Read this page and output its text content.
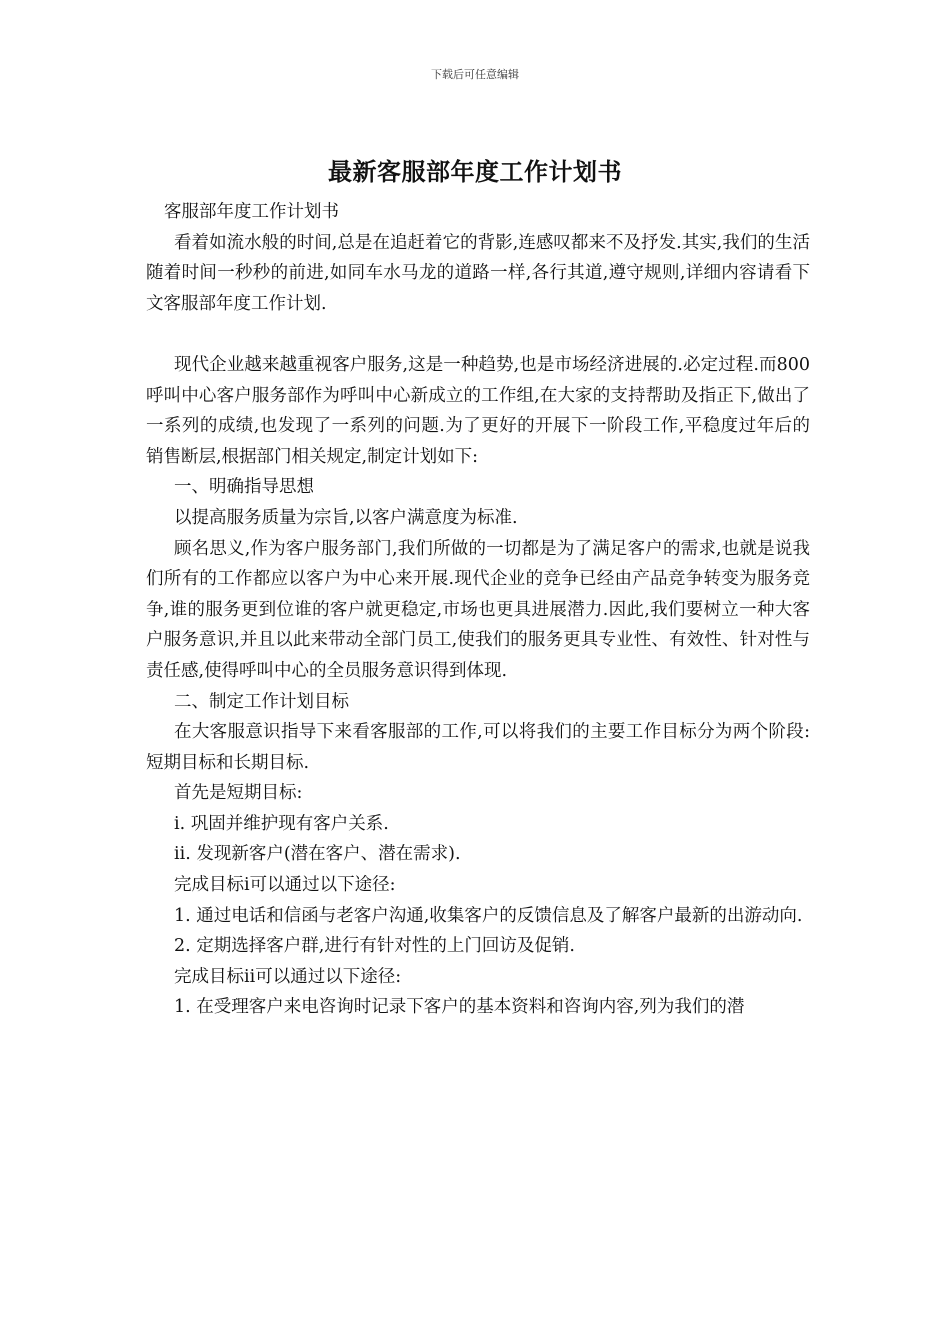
下载后可任意编辑
最新客服部年度工作计划书

客服部年度工作计划书

看着如流水般的时间,总是在追赶着它的背影,连感叹都来不及抒发.其实,我们的生活随着时间一秒秒的前进,如同车水马龙的道路一样,各行其道,遵守规则,详细内容请看下文客服部年度工作计划.

现代企业越来越重视客户服务,这是一种趋势,也是市场经济进展的.必定过程.而800呼叫中心客户服务部作为呼叫中心新成立的工作组,在大家的支持帮助及指正下,做出了一系列的成绩,也发现了一系列的问题.为了更好的开展下一阶段工作,平稳度过年后的销售断层,根据部门相关规定,制定计划如下:

一、明确指导思想

以提高服务质量为宗旨,以客户满意度为标准.

顾名思义,作为客户服务部门,我们所做的一切都是为了满足客户的需求,也就是说我们所有的工作都应以客户为中心来开展.现代企业的竞争已经由产品竞争转变为服务竞争,谁的服务更到位谁的客户就更稳定,市场也更具进展潜力.因此,我们要树立一种大客户服务意识,并且以此来带动全部门员工,使我们的服务更具专业性、有效性、针对性与责任感,使得呼叫中心的全员服务意识得到体现.

二、制定工作计划目标

在大客服意识指导下来看客服部的工作,可以将我们的主要工作目标分为两个阶段:短期目标和长期目标.

首先是短期目标:

i. 巩固并维护现有客户关系.

ii. 发现新客户(潜在客户、潜在需求).

完成目标i可以通过以下途径:

1. 通过电话和信函与老客户沟通,收集客户的反馈信息及了解客户最新的出游动向.

2. 定期选择客户群,进行有针对性的上门回访及促销.

完成目标ii可以通过以下途径:

1. 在受理客户来电咨询时记录下客户的基本资料和咨询内容,列为我们的潜
